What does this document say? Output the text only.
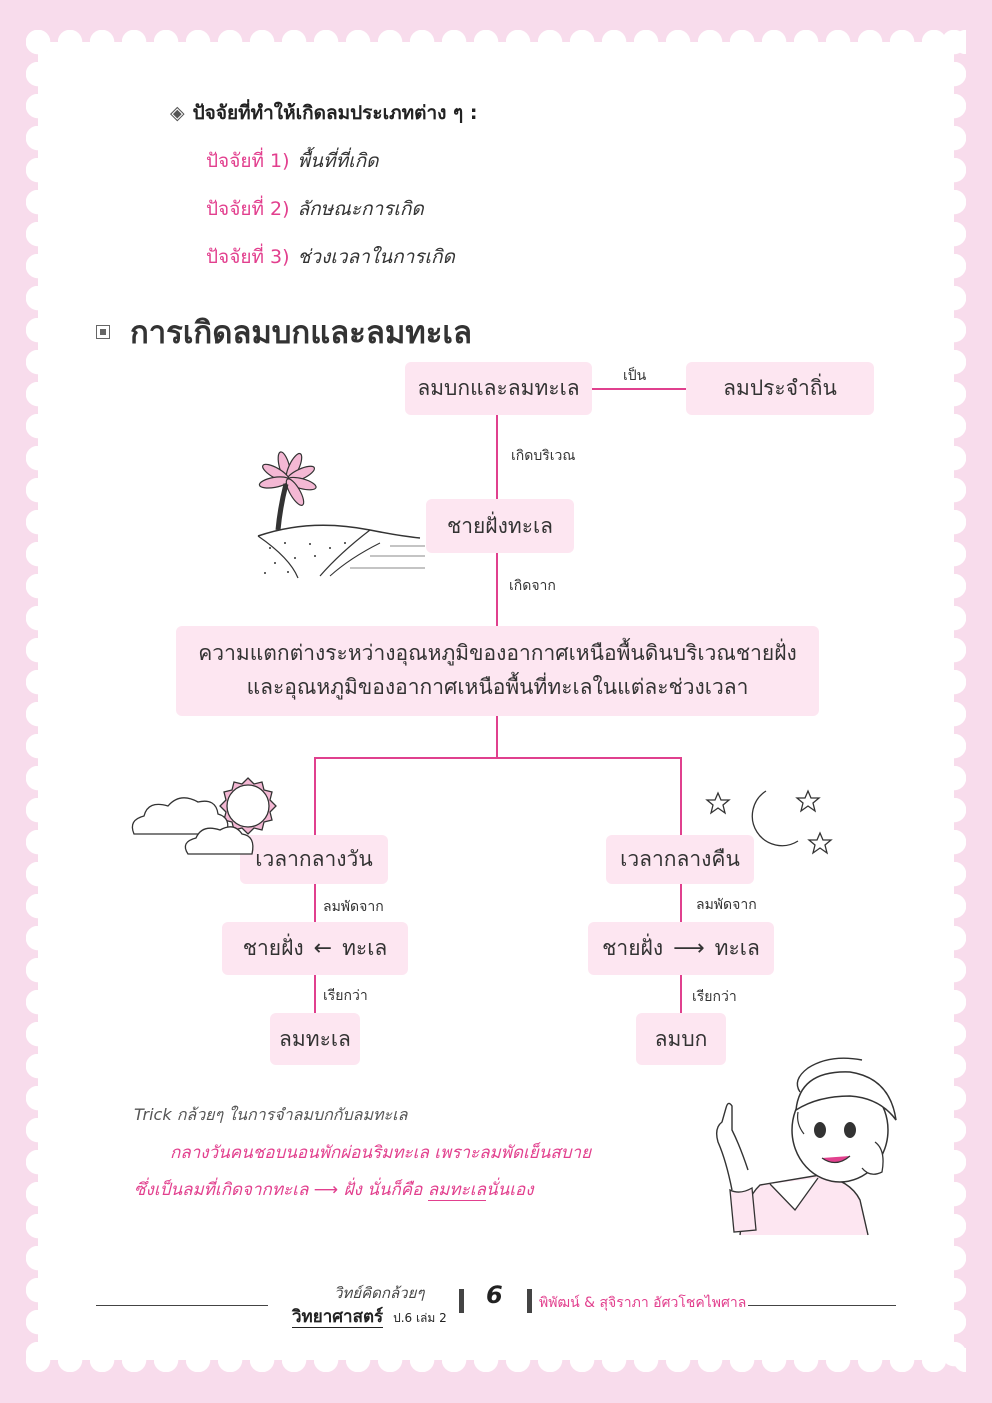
◈ ปัจจัยที่ทำให้เกิดลมประเภทต่าง ๆ :
ปัจจัยที่ 1) พื้นที่ที่เกิด
ปัจจัยที่ 2) ลักษณะการเกิด
ปัจจัยที่ 3) ช่วงเวลาในการเกิด
การเกิดลมบกและลมทะเล
ลมบกและลมทะเล	เป็น	ลมประจำถิ่น
เกิดบริเวณ
ชายฝั่งทะเล
เกิดจาก
ความแตกต่างระหว่างอุณหภูมิของอากาศเหนือพื้นดินบริเวณชายฝั่ง
และอุณหภูมิของอากาศเหนือพื้นที่ทะเลในแต่ละช่วงเวลา
เวลากลางวัน
ลมพัดจาก
ชายฝั่ง ← ทะเล
เรียกว่า
ลมทะเล
เวลากลางคืน
ลมพัดจาก
ชายฝั่ง ⟶ ทะเล
เรียกว่า
ลมบก
Trick กล้วยๆ ในการจำลมบกกับลมทะเล
กลางวันคนชอบนอนพักผ่อนริมทะเล เพราะลมพัดเย็นสบาย
ซึ่งเป็นลมที่เกิดจากทะเล ⟶ ฝั่ง นั่นก็คือ ลมทะเลนั่นเอง
วิทย์คิดกล้วยๆ
วิทยาศาสตร์ ป.6 เล่ม 2
6	พิพัฒน์ & สุจิราภา อัศวโชคไพศาล
